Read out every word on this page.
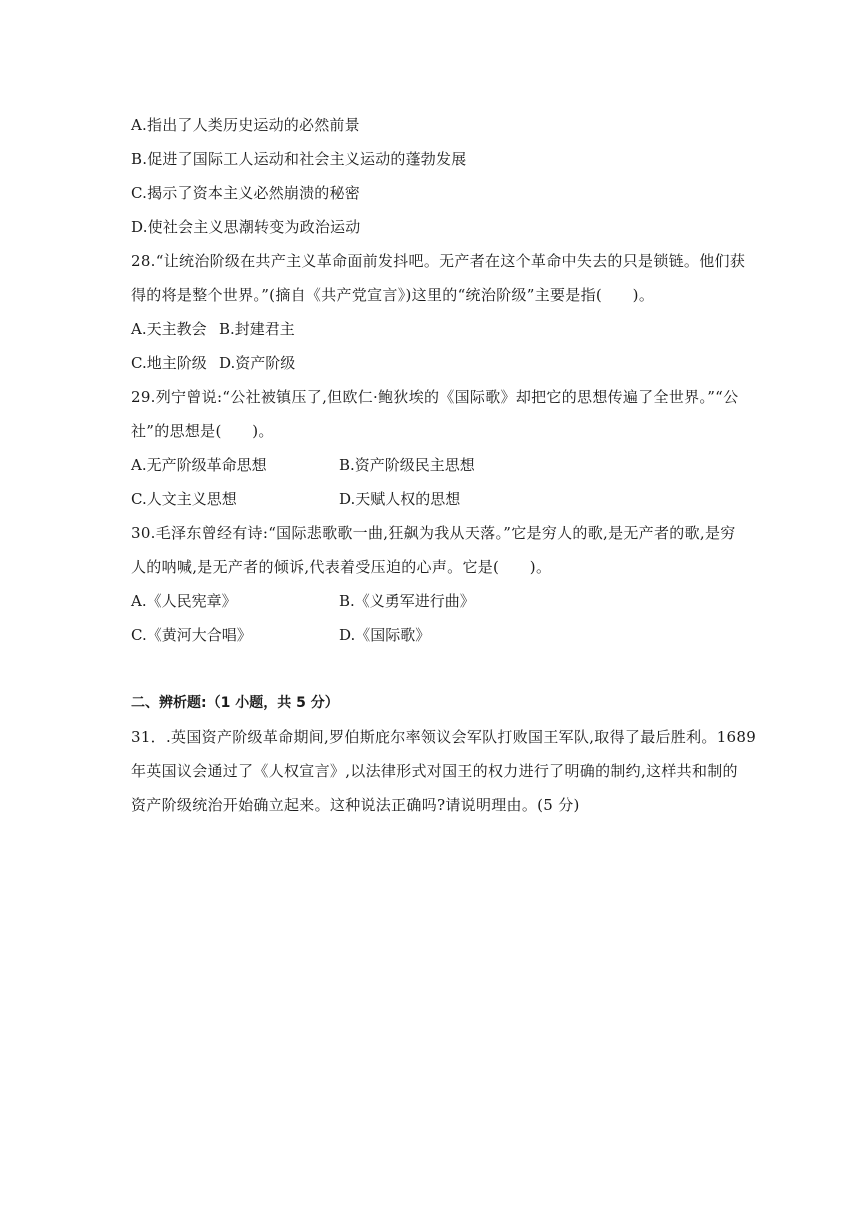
A.指出了人类历史运动的必然前景
B.促进了国际工人运动和社会主义运动的蓬勃发展
C.揭示了资本主义必然崩溃的秘密
D.使社会主义思潮转变为政治运动
28.“让统治阶级在共产主义革命面前发抖吧。无产者在这个革命中失去的只是锁链。他们获
得的将是整个世界。”(摘自《共产党宣言》)这里的“统治阶级”主要是指(　　)。
A.天主教会 B.封建君主
C.地主阶级 D.资产阶级
29.列宁曾说:“公社被镇压了,但欧仁·鲍狄埃的《国际歌》却把它的思想传遍了全世界。”“公
社”的思想是(　　)。
A.无产阶级革命思想	B.资产阶级民主思想
C.人文主义思想	D.天赋人权的思想
30.毛泽东曾经有诗:“国际悲歌歌一曲,狂飙为我从天落。”它是穷人的歌,是无产者的歌,是穷
人的呐喊,是无产者的倾诉,代表着受压迫的心声。它是(　　)。
A.《人民宪章》	B.《义勇军进行曲》
C.《黄河大合唱》	D.《国际歌》
二、辨析题:（1 小题，共 5 分）
31．.英国资产阶级革命期间,罗伯斯庇尔率领议会军队打败国王军队,取得了最后胜利。1689
年英国议会通过了《人权宣言》,以法律形式对国王的权力进行了明确的制约,这样共和制的
资产阶级统治开始确立起来。这种说法正确吗?请说明理由。(5 分)
